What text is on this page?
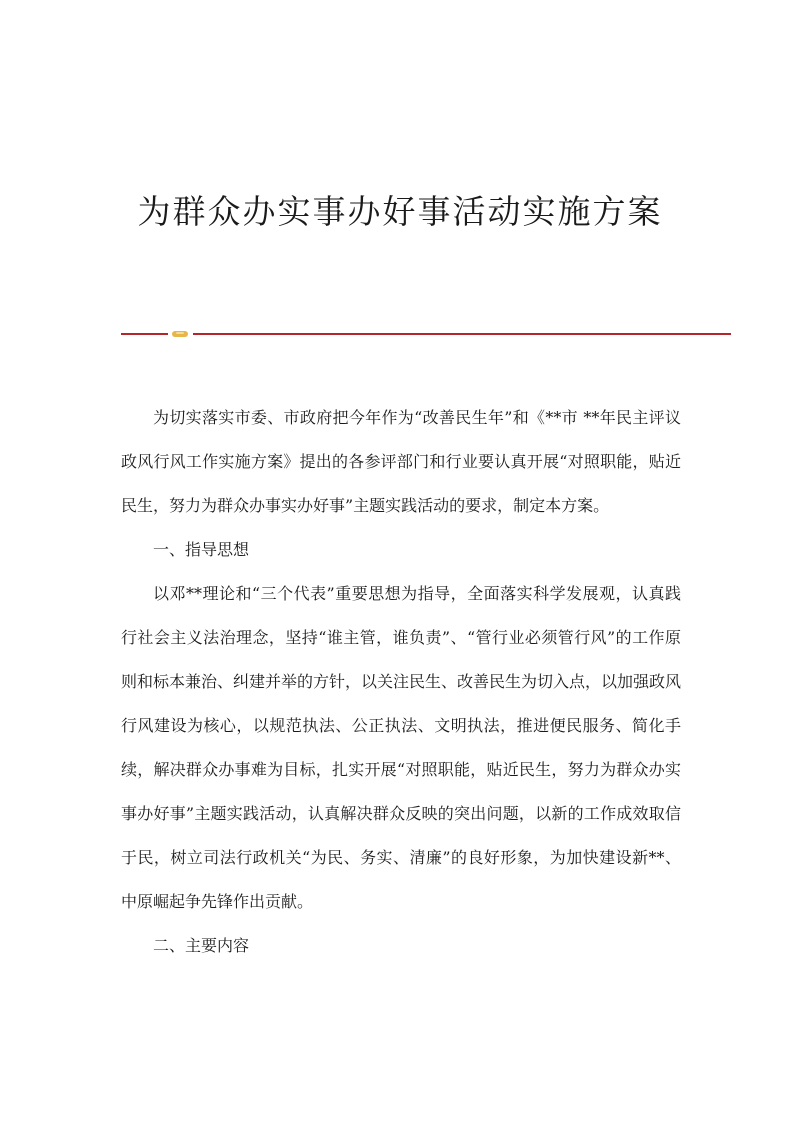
为群众办实事办好事活动实施方案

为切实落实市委、市政府把今年作为“改善民生年”和《**市 **年民主评议政风行风工作实施方案》提出的各参评部门和行业要认真开展“对照职能，贴近民生，努力为群众办事实办好事”主题实践活动的要求，制定本方案。

一、指导思想

以邓**理论和“三个代表”重要思想为指导，全面落实科学发展观，认真践行社会主义法治理念，坚持“谁主管，谁负责”、“管行业必须管行风”的工作原则和标本兼治、纠建并举的方针，以关注民生、改善民生为切入点，以加强政风行风建设为核心，以规范执法、公正执法、文明执法，推进便民服务、简化手续，解决群众办事难为目标，扎实开展“对照职能，贴近民生，努力为群众办实事办好事”主题实践活动，认真解决群众反映的突出问题，以新的工作成效取信于民，树立司法行政机关“为民、务实、清廉”的良好形象，为加快建设新**、中原崛起争先锋作出贡献。

二、主要内容
